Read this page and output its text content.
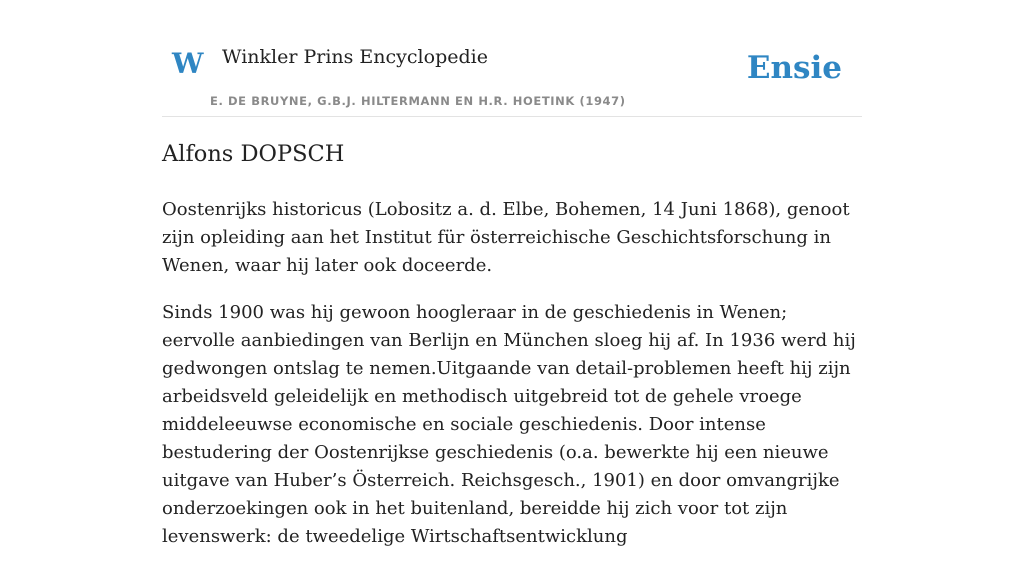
W Winkler Prins Encyclopedie
E. DE BRUYNE, G.B.J. HILTERMANN EN H.R. HOETINK (1947)
Ensie
Alfons DOPSCH

Oostenrijks historicus (Lobositz a. d. Elbe, Bohemen, 14 Juni 1868), genoot zijn opleiding aan het Institut für österreichische Geschichtsforschung in Wenen, waar hij later ook doceerde.

Sinds 1900 was hij gewoon hoogleraar in de geschiedenis in Wenen; eervolle aanbiedingen van Berlijn en München sloeg hij af. In 1936 werd hij gedwongen ontslag te nemen.Uitgaande van detail-problemen heeft hij zijn arbeidsveld geleidelijk en methodisch uitgebreid tot de gehele vroege middeleeuwse economische en sociale geschiedenis. Door intense bestudering der Oostenrijkse geschiedenis (o.a. bewerkte hij een nieuwe uitgave van Huber’s Österreich. Reichsgesch., 1901) en door omvangrijke onderzoekingen ook in het buitenland, bereidde hij zich voor tot zijn levenswerk: de tweedelige Wirtschaftsentwicklung
